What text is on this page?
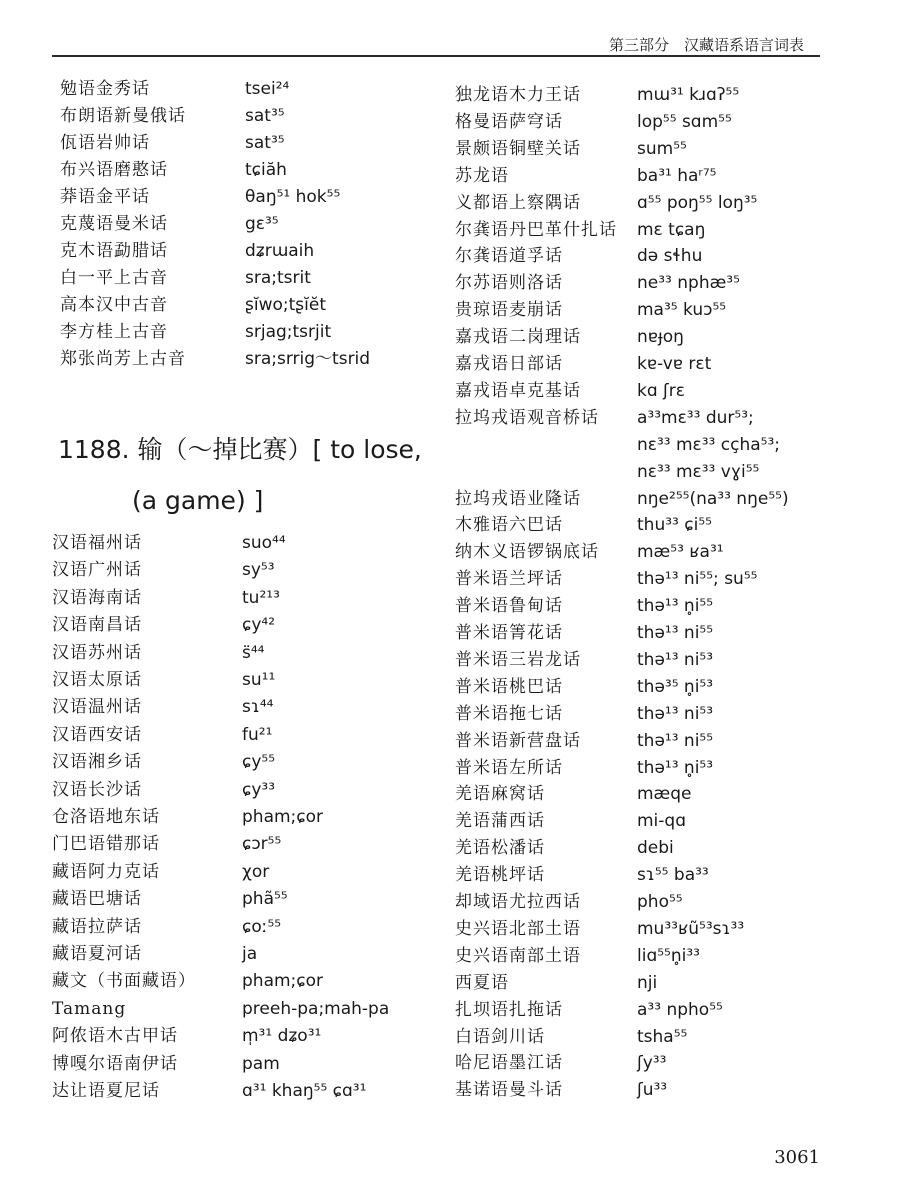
第三部分　汉藏语系语言词表
勉语金秀话	tsei²⁴
布朗语新曼俄话	sat³⁵
佤语岩帅话	sat³⁵
布兴语磨憨话	tɕiăh
莽语金平话	θaŋ⁵¹ hok⁵⁵
克蔑语曼米话	gɛ³⁵
克木语勐腊话	dʑrɯaih
白一平上古音	sra;tsrit
高本汉中古音	ʂĭwo;tʂĭĕt
李方桂上古音	srjag;tsrjit
郑张尚芳上古音	sra;srrig～tsrid
汉语福州话	suo⁴⁴
汉语广州话	sy⁵³
汉语海南话	tu²¹³
汉语南昌话	ɕy⁴²
汉语苏州话	s̈⁴⁴
汉语太原话	su¹¹
汉语温州话	sɿ⁴⁴
汉语西安话	fu²¹
汉语湘乡话	ɕy⁵⁵
汉语长沙话	ɕy³³
仓洛语地东话	pham;ɕor
门巴语错那话	ɕɔr⁵⁵
藏语阿力克话	χor
藏语巴塘话	phã⁵⁵
藏语拉萨话	ɕoː⁵⁵
藏语夏河话	ja
藏文（书面藏语）	pham;ɕor
Tamang	preeh-pa;mah-pa
阿侬语木古甲话	m̩³¹ dʑo³¹
博嘎尔语南伊话	pam
达让语夏尼话	ɑ³¹ khaŋ⁵⁵ ɕɑ³¹
独龙语木力王话	mɯ³¹ kɹɑʔ⁵⁵
格曼语萨穹话	lop⁵⁵ sɑm⁵⁵
景颇语铜壁关话	sum⁵⁵
苏龙语	ba³¹ haʳ⁷⁵
义都语上察隅话	ɑ⁵⁵ poŋ⁵⁵ loŋ³⁵
尔龚语丹巴革什扎话 mɛ tɕaŋ
尔龚语道孚话	də sɬhu
尔苏语则洛话	ne³³ nphæ³⁵
贵琼语麦崩话	ma³⁵ kuɔ⁵⁵
嘉戎语二岗理话	nɐɟoŋ
嘉戎语日部话	kɐ-vɐ rɛt
嘉戎语卓克基话	kɑ ʃrɛ
拉坞戎语观音桥话 a³³mɛ³³ dur⁵³;
nɛ³³ mɛ³³ cçha⁵³;
nɛ³³ mɛ³³ vɣi⁵⁵
拉坞戎语业隆话	nŋe²⁵⁵(na³³ nŋe⁵⁵)
木雅语六巴话	thu³³ ɕi⁵⁵
纳木义语锣锅底话 mæ⁵³ ʁa³¹
普米语兰坪话	thə¹³ ni⁵⁵; su⁵⁵
普米语鲁甸话	thə¹³ n̥i⁵⁵
普米语箐花话	thə¹³ ni⁵⁵
普米语三岩龙话	thə¹³ ni⁵³
普米语桃巴话	thə³⁵ n̥i⁵³
普米语拖七话	thə¹³ ni⁵³
普米语新营盘话	thə¹³ ni⁵⁵
普米语左所话	thə¹³ n̥i⁵³
羌语麻窝话	mæqe
羌语蒲西话	mi-qɑ
羌语松潘话	debi
羌语桃坪话	sɿ⁵⁵ ba³³
却域语尤拉西话	pho⁵⁵
史兴语北部土语	mu³³ʁũ⁵³sɿ³³
史兴语南部土语	liɑ⁵⁵n̥i³³
西夏语	nji
扎坝语扎拖话	a³³ npho⁵⁵
白语剑川话	tsha⁵⁵
哈尼语墨江话	ʃy³³
基诺语曼斗话	ʃu³³
1188. 输（～掉比赛）[ to lose,
(a game) ]
3061
